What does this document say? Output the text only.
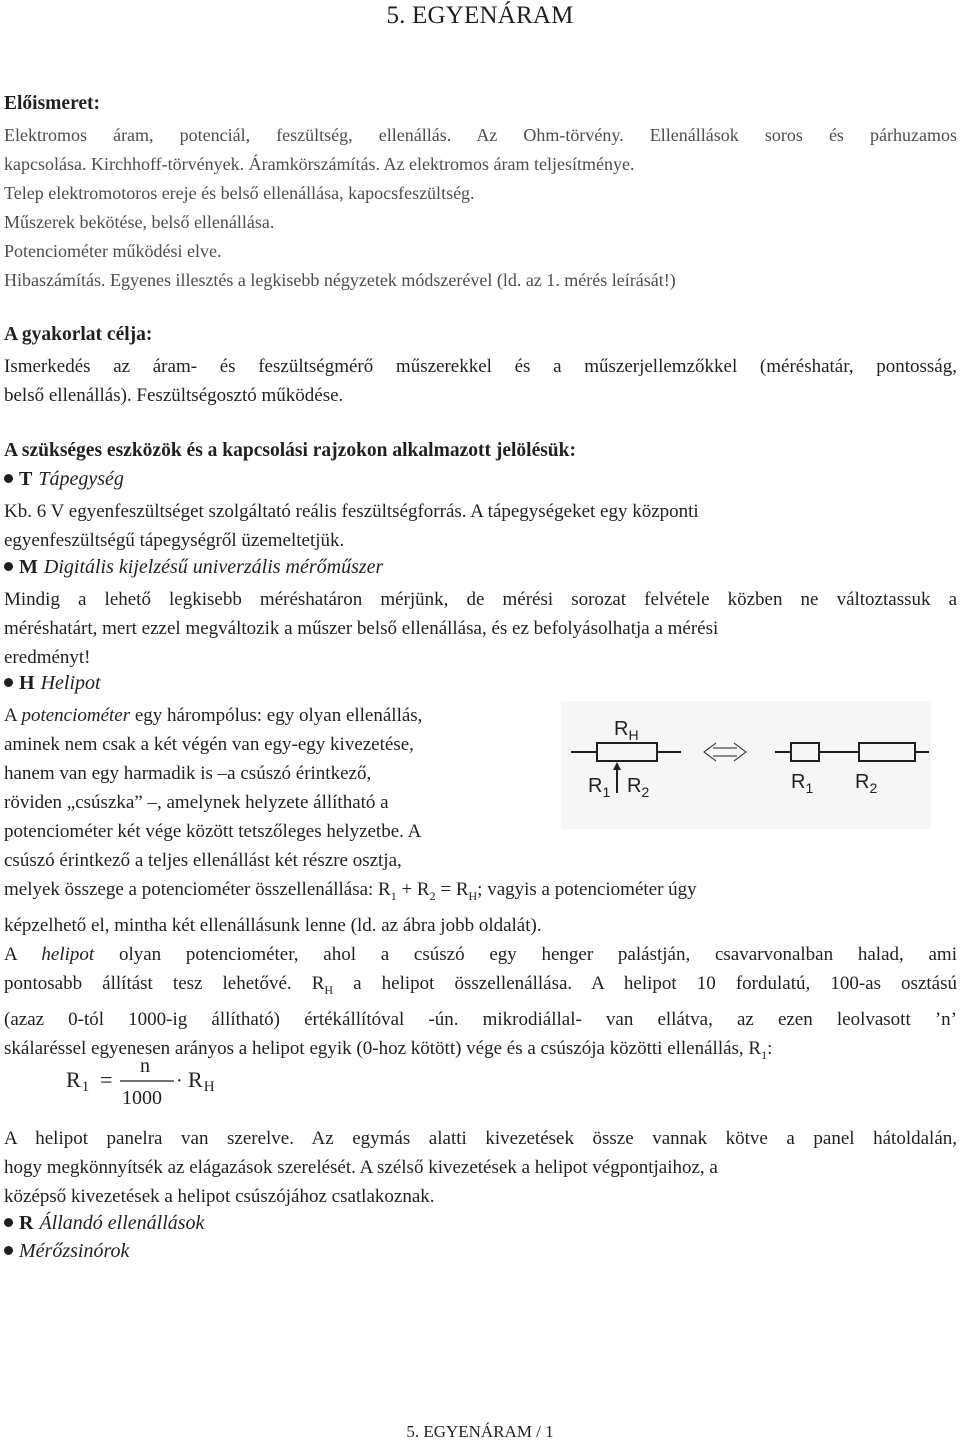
5. EGYENÁRAM
Előismeret:
Elektromos áram, potenciál, feszültség, ellenállás. Az Ohm-törvény. Ellenállások soros és párhuzamos
kapcsolása. Kirchhoff-törvények. Áramkörszámítás. Az elektromos áram teljesítménye.
Telep elektromotoros ereje és belső ellenállása, kapocsfeszültség.
Műszerek bekötése, belső ellenállása.
Potenciométer működési elve.
Hibaszámítás. Egyenes illesztés a legkisebb négyzetek módszerével (ld. az 1. mérés leírását!)
A gyakorlat célja:
Ismerkedés az áram- és feszültségmérő műszerekkel és a műszerjellemzőkkel (méréshatár, pontosság,
belső ellenállás). Feszültségosztó működése.
A szükséges eszközök és a kapcsolási rajzokon alkalmazott jelölésük:
T Tápegység
Kb. 6 V egyenfeszültséget szolgáltató reális feszültségforrás. A tápegységeket egy központi
egyenfeszültségű tápegységről üzemeltetjük.
M Digitális kijelzésű univerzális mérőműszer
Mindig a lehető legkisebb méréshatáron mérjünk, de mérési sorozat felvétele közben ne változtassuk a
méréshatárt, mert ezzel megváltozik a műszer belső ellenállása, és ez befolyásolhatja a mérési
eredményt!
H Helipot
A potenciométer egy hárompólus: egy olyan ellenállás,
aminek nem csak a két végén van egy-egy kivezetése,
hanem van egy harmadik is –a csúszó érintkező,
röviden „csúszka” –, amelynek helyzete állítható a
potenciométer két vége között tetszőleges helyzetbe. A
csúszó érintkező a teljes ellenállást két részre osztja,
$R_H$
$R_1$ $R_2$	$R_1$ $R_2$
melyek összege a potenciométer összellenállása: $R_1 + R_2 = R_H$; vagyis a potenciométer úgy
képzelhető el, mintha két ellenállásunk lenne (ld. az ábra jobb oldalát).
A helipot olyan potenciométer, ahol a csúszó egy henger palástján, csavarvonalban halad, ami
pontosabb állítást tesz lehetővé. $R_H$ a helipot összellenállása. A helipot 10 fordulatú, 100-as osztású
(azaz 0-tól 1000-ig állítható) értékállítóval -ún. mikrodiállal- van ellátva, az ezen leolvasott ’n’
skálaréssel egyenesen arányos a helipot egyik (0-hoz kötött) vége és a csúszója közötti ellenállás, $R_1$:
R1 =
n
1000
· RH
A helipot panelra van szerelve. Az egymás alatti kivezetések össze vannak kötve a panel hátoldalán,
hogy megkönnyítsék az elágazások szerelését. A szélső kivezetések a helipot végpontjaihoz, a
középső kivezetések a helipot csúszójához csatlakoznak.
R Állandó ellenállások
Mérőzsinórok
5. EGYENÁRAM / 1
